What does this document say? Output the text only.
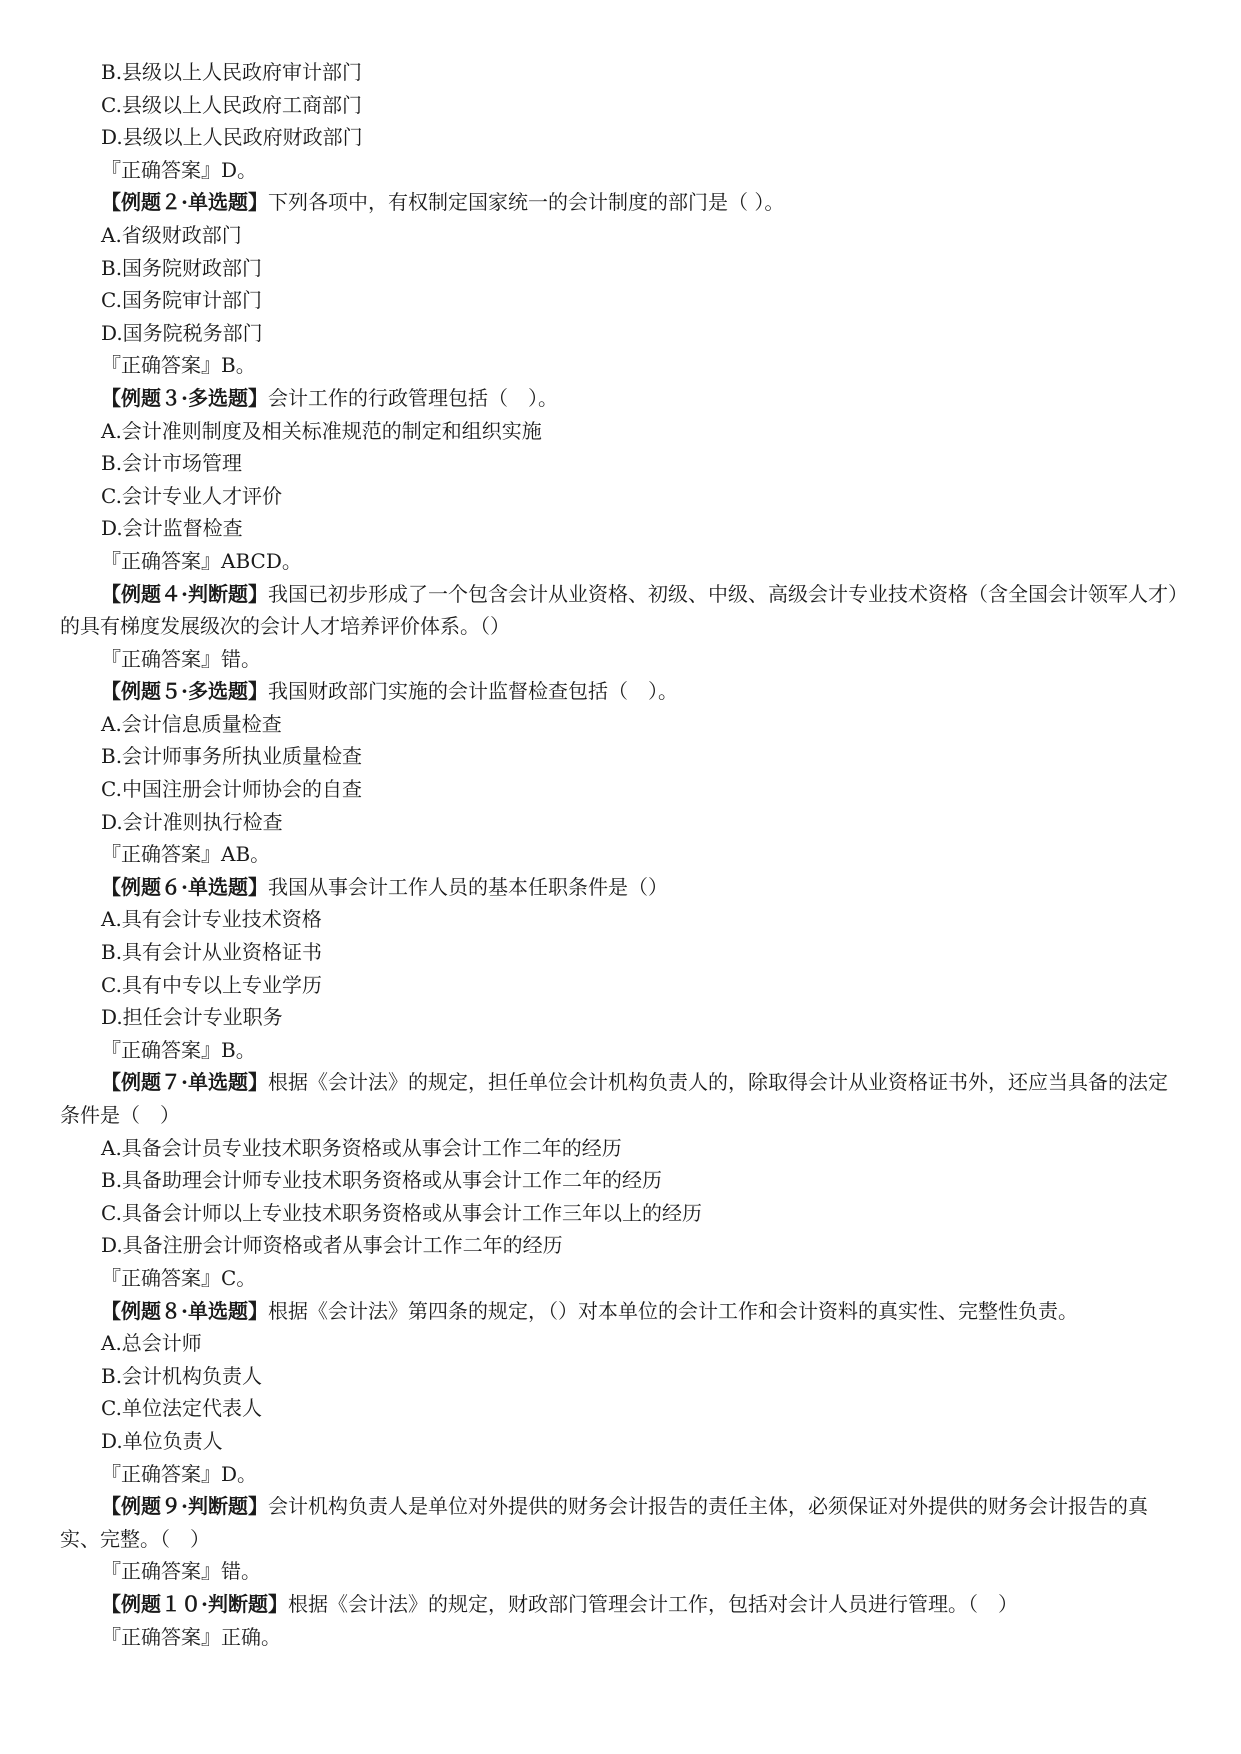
B.县级以上人民政府审计部门
C.县级以上人民政府工商部门
D.县级以上人民政府财政部门
『正确答案』D。
【例题２·单选题】下列各项中，有权制定国家统一的会计制度的部门是（ ）。
A.省级财政部门
B.国务院财政部门
C.国务院审计部门
D.国务院税务部门
『正确答案』B。
【例题３·多选题】会计工作的行政管理包括（　）。
A.会计准则制度及相关标准规范的制定和组织实施
B.会计市场管理
C.会计专业人才评价
D.会计监督检查
『正确答案』ABCD。
【例题４·判断题】我国已初步形成了一个包含会计从业资格、初级、中级、高级会计专业技术资格（含全国会计领军人才）的具有梯度发展级次的会计人才培养评价体系。（）
『正确答案』错。
【例题５·多选题】我国财政部门实施的会计监督检查包括（　）。
A.会计信息质量检查
B.会计师事务所执业质量检查
C.中国注册会计师协会的自查
D.会计准则执行检查
『正确答案』AB。
【例题６·单选题】我国从事会计工作人员的基本任职条件是（）
A.具有会计专业技术资格
B.具有会计从业资格证书
C.具有中专以上专业学历
D.担任会计专业职务
『正确答案』B。
【例题７·单选题】根据《会计法》的规定，担任单位会计机构负责人的，除取得会计从业资格证书外，还应当具备的法定条件是（　）
A.具备会计员专业技术职务资格或从事会计工作二年的经历
B.具备助理会计师专业技术职务资格或从事会计工作二年的经历
C.具备会计师以上专业技术职务资格或从事会计工作三年以上的经历
D.具备注册会计师资格或者从事会计工作二年的经历
『正确答案』C。
【例题８·单选题】根据《会计法》第四条的规定，（）对本单位的会计工作和会计资料的真实性、完整性负责。
A.总会计师
B.会计机构负责人
C.单位法定代表人
D.单位负责人
『正确答案』D。
【例题９·判断题】会计机构负责人是单位对外提供的财务会计报告的责任主体，必须保证对外提供的财务会计报告的真实、完整。（　）
『正确答案』错。
【例题１０·判断题】根据《会计法》的规定，财政部门管理会计工作，包括对会计人员进行管理。（　）
『正确答案』正确。
